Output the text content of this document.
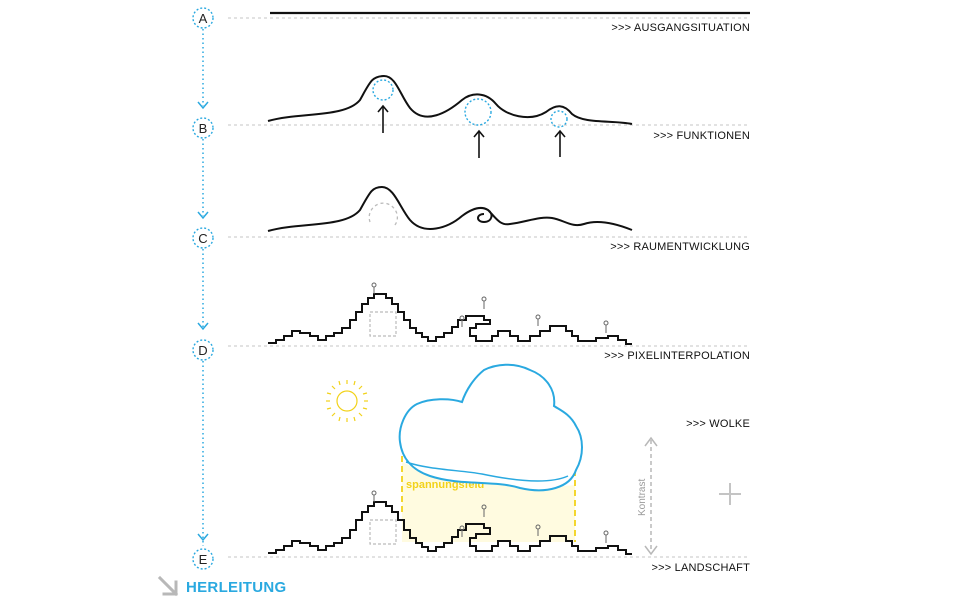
A
B
C
D
E
>>> AUSGANGSITUATION
>>> FUNKTIONEN
>>> RAUMENTWICKLUNG
>>> PIXELINTERPOLATION
>>> WOLKE
>>> LANDSCHAFT
spannungsfeld	Kontrast
HERLEITUNG
